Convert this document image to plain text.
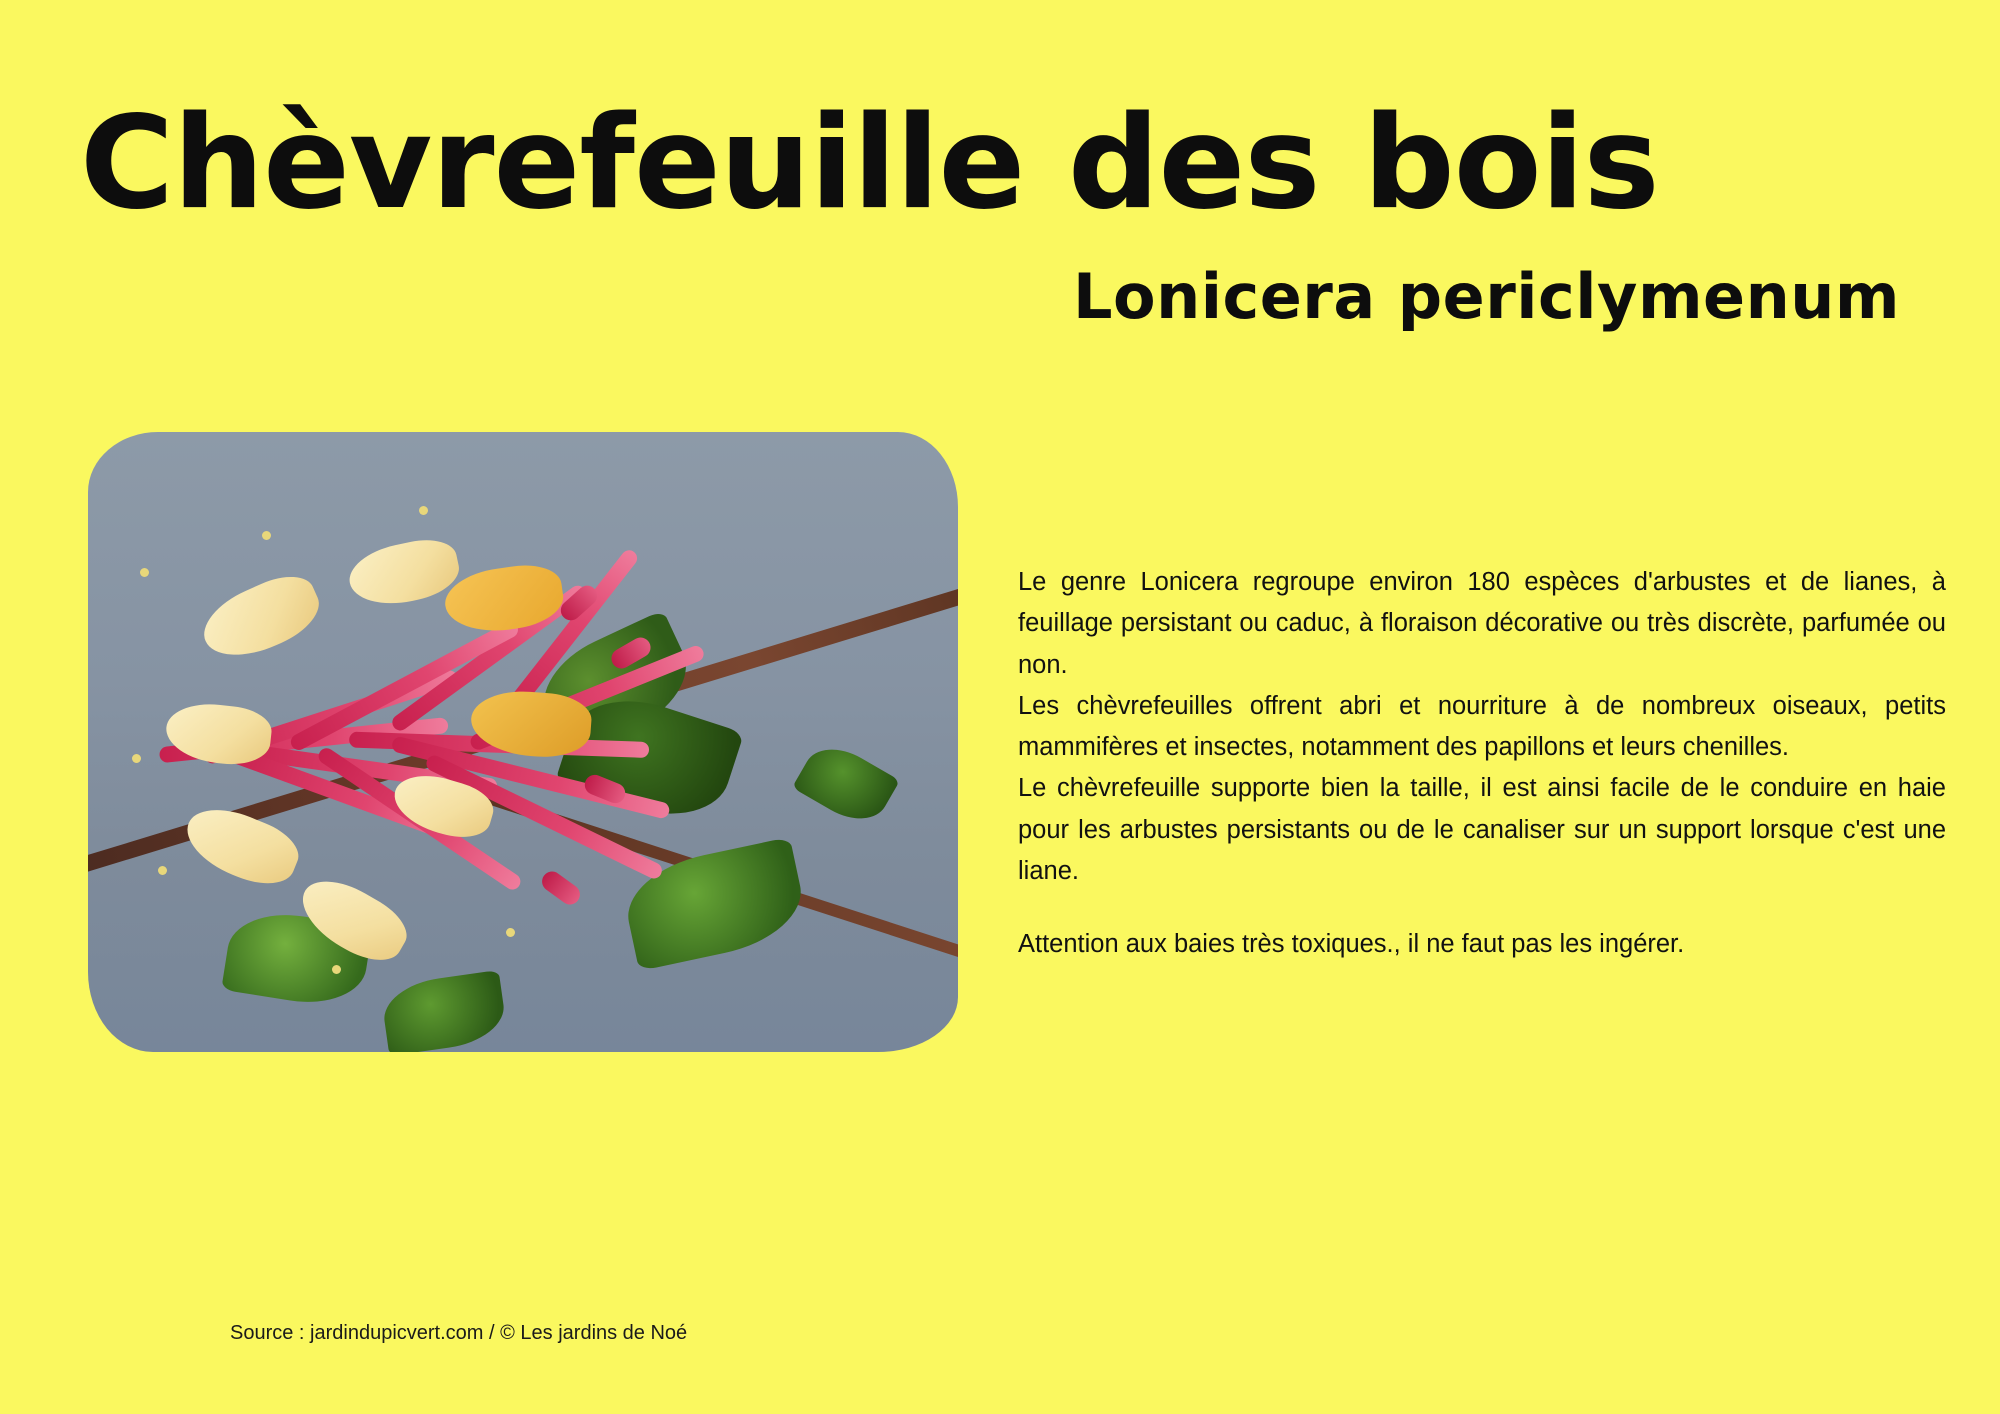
Chèvrefeuille des bois
Lonicera periclymenum

Le genre Lonicera regroupe environ 180 espèces d'arbustes et de lianes, à feuillage persistant ou caduc, à floraison décorative ou très discrète, parfumée ou non.

Les chèvrefeuilles offrent abri et nourriture à de nombreux oiseaux, petits mammifères et insectes, notamment des papillons et leurs chenilles.

Le chèvrefeuille supporte bien la taille, il est ainsi facile de le conduire en haie pour les arbustes persistants ou de le canaliser sur un support lorsque c'est une liane.

Attention aux baies très toxiques., il ne faut pas les ingérer.

Source : jardindupicvert.com / © Les jardins de Noé
